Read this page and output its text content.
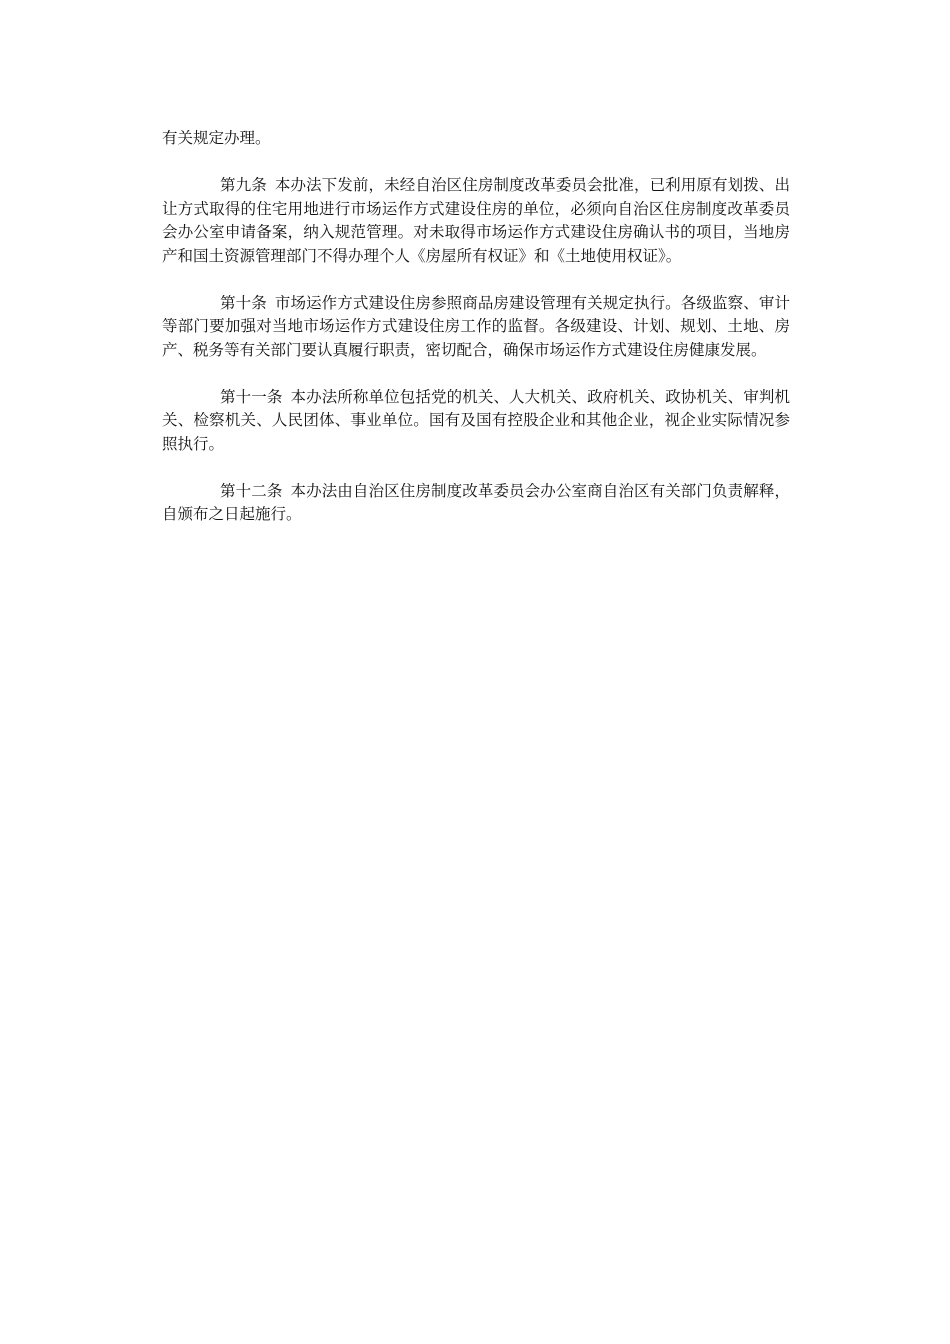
有关规定办理。

第九条 本办法下发前，未经自治区住房制度改革委员会批准，已利用原有划拨、出让方式取得的住宅用地进行市场运作方式建设住房的单位，必须向自治区住房制度改革委员会办公室申请备案，纳入规范管理。对未取得市场运作方式建设住房确认书的项目，当地房产和国土资源管理部门不得办理个人《房屋所有权证》和《土地使用权证》。

第十条 市场运作方式建设住房参照商品房建设管理有关规定执行。各级监察、审计等部门要加强对当地市场运作方式建设住房工作的监督。各级建设、计划、规划、土地、房产、税务等有关部门要认真履行职责，密切配合，确保市场运作方式建设住房健康发展。

第十一条 本办法所称单位包括党的机关、人大机关、政府机关、政协机关、审判机关、检察机关、人民团体、事业单位。国有及国有控股企业和其他企业，视企业实际情况参照执行。

第十二条 本办法由自治区住房制度改革委员会办公室商自治区有关部门负责解释，自颁布之日起施行。
